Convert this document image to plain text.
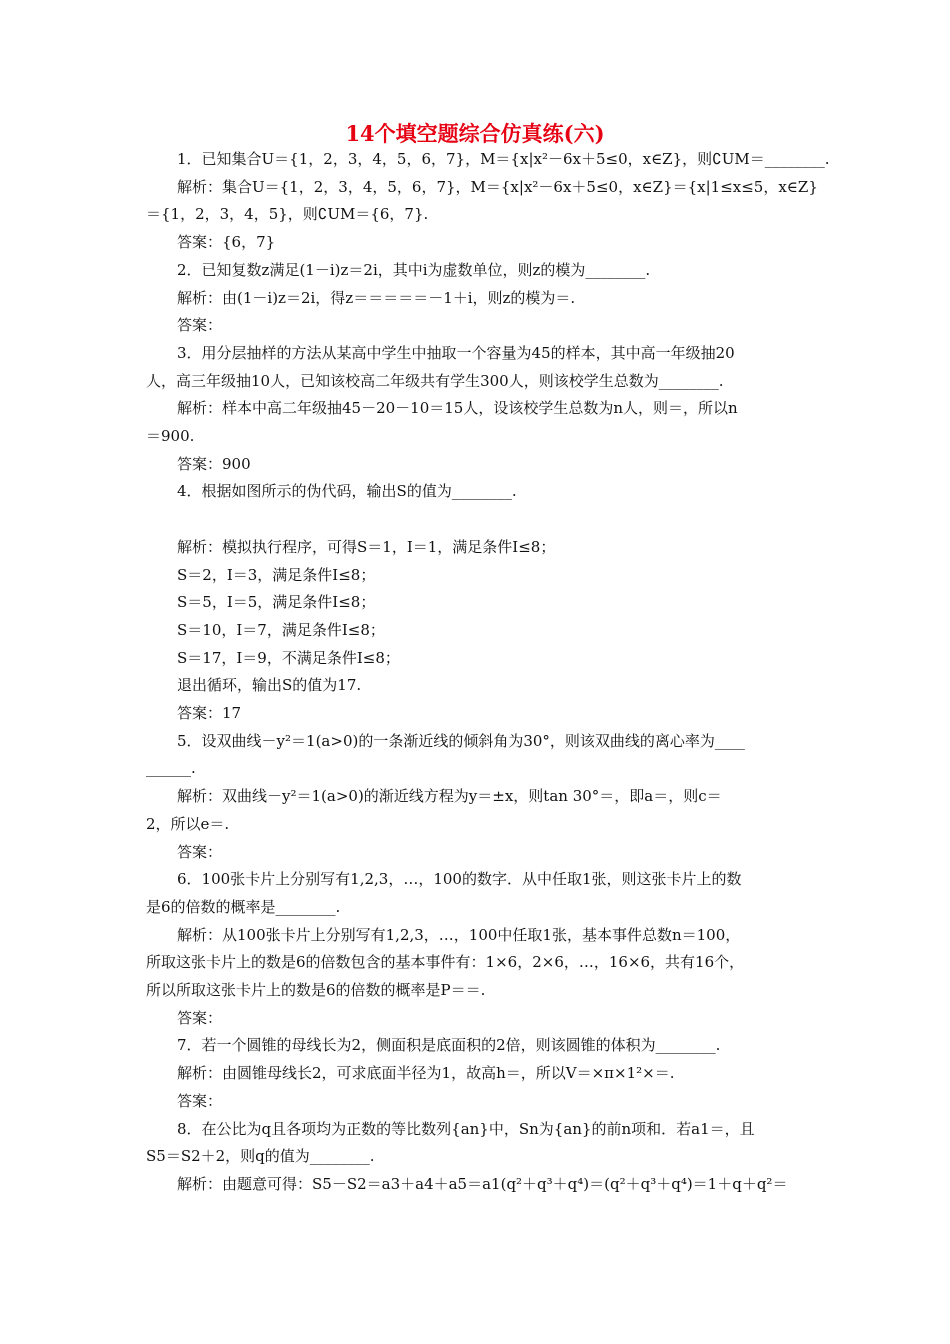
14个填空题综合仿真练(六)
1．已知集合U＝{1，2，3，4，5，6，7}，M＝{x|x²－6x＋5≤0，x∈Z}，则∁UM＝________.
解析：集合U＝{1，2，3，4，5，6，7}，M＝{x|x²－6x＋5≤0，x∈Z}＝{x|1≤x≤5，x∈Z}
＝{1，2，3，4，5}，则∁UM＝{6，7}.
答案：{6，7}
2．已知复数z满足(1－i)z＝2i，其中i为虚数单位，则z的模为________.
解析：由(1－i)z＝2i，得z＝＝＝＝＝－1＋i，则z的模为＝.
答案：
3．用分层抽样的方法从某高中学生中抽取一个容量为45的样本，其中高一年级抽20
人，高三年级抽10人，已知该校高二年级共有学生300人，则该校学生总数为________.
解析：样本中高二年级抽45－20－10＝15人，设该校学生总数为n人，则＝，所以n
＝900.
答案：900
4．根据如图所示的伪代码，输出S的值为________.
解析：模拟执行程序，可得S＝1，I＝1，满足条件I≤8；
S＝2，I＝3，满足条件I≤8；
S＝5，I＝5，满足条件I≤8；
S＝10，I＝7，满足条件I≤8；
S＝17，I＝9，不满足条件I≤8；
退出循环，输出S的值为17.
答案：17
5．设双曲线－y²＝1(a>0)的一条渐近线的倾斜角为30°，则该双曲线的离心率为____
______.
解析：双曲线－y²＝1(a>0)的渐近线方程为y＝±x，则tan 30°＝，即a＝，则c＝
2，所以e＝.
答案：
6．100张卡片上分别写有1,2,3，…，100的数字．从中任取1张，则这张卡片上的数
是6的倍数的概率是________.
解析：从100张卡片上分别写有1,2,3，…，100中任取1张，基本事件总数n＝100，
所取这张卡片上的数是6的倍数包含的基本事件有：1×6，2×6，…，16×6，共有16个，
所以所取这张卡片上的数是6的倍数的概率是P＝＝.
答案：
7．若一个圆锥的母线长为2，侧面积是底面积的2倍，则该圆锥的体积为________.
解析：由圆锥母线长2，可求底面半径为1，故高h＝，所以V＝×π×1²×＝.
答案：
8．在公比为q且各项均为正数的等比数列{an}中，Sn为{an}的前n项和．若a1＝，且
S5＝S2＋2，则q的值为________.
解析：由题意可得：S5－S2＝a3＋a4＋a5＝a1(q²＋q³＋q⁴)＝(q²＋q³＋q⁴)＝1＋q＋q²＝
